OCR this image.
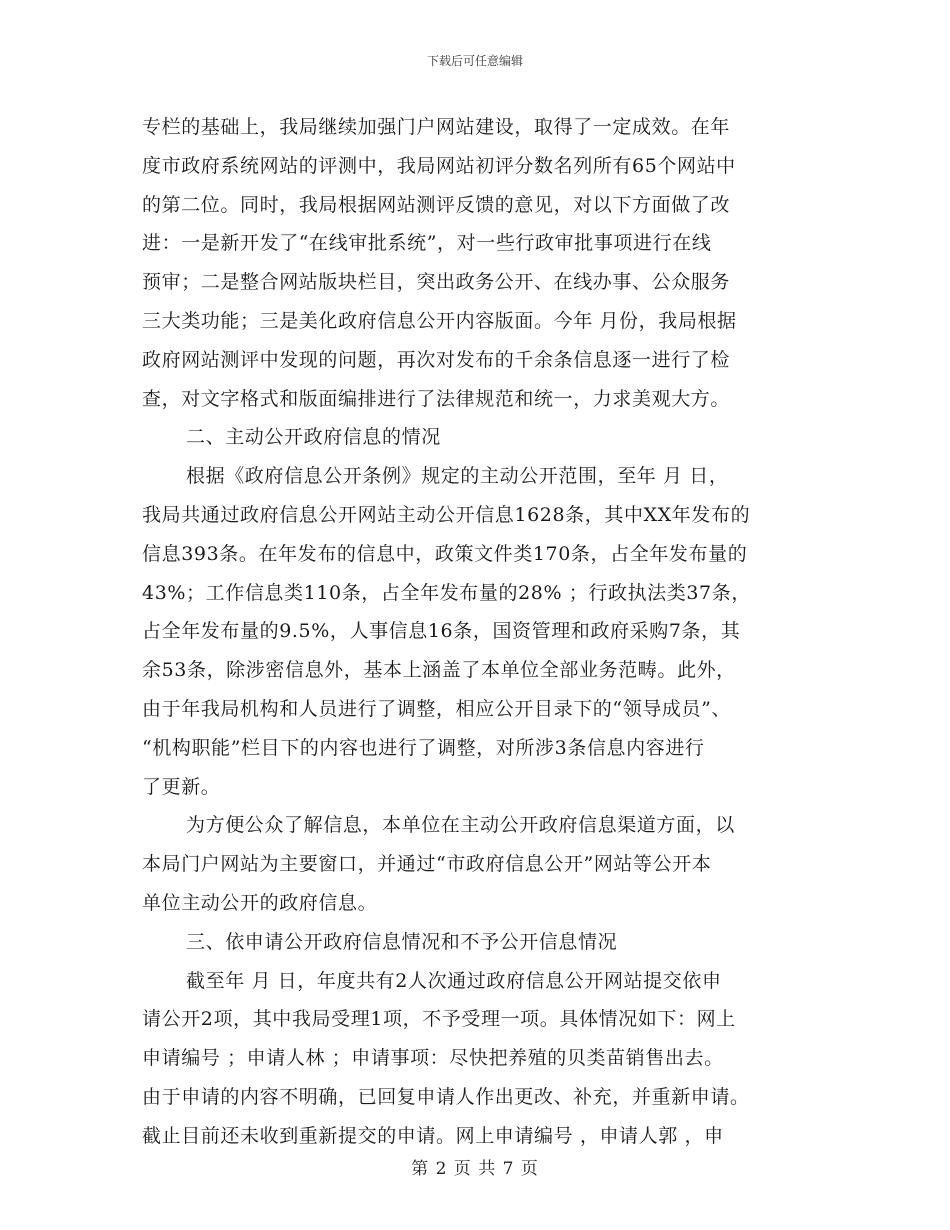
下载后可任意编辑
专栏的基础上，我局继续加强门户网站建设，取得了一定成效。在年
度市政府系统网站的评测中，我局网站初评分数名列所有65个网站中
的第二位。同时，我局根据网站测评反馈的意见，对以下方面做了改
进：一是新开发了“在线审批系统”，对一些行政审批事项进行在线
预审；二是整合网站版块栏目，突出政务公开、在线办事、公众服务
三大类功能；三是美化政府信息公开内容版面。今年 月份，我局根据
政府网站测评中发现的问题，再次对发布的千余条信息逐一进行了检
查，对文字格式和版面编排进行了法律规范和统一，力求美观大方。
二、主动公开政府信息的情况
根据《政府信息公开条例》规定的主动公开范围，至年 月 日，
我局共通过政府信息公开网站主动公开信息1628条，其中XX年发布的
信息393条。在年发布的信息中，政策文件类170条，占全年发布量的
43%；工作信息类110条，占全年发布量的28% ；行政执法类37条，
占全年发布量的9.5%，人事信息16条，国资管理和政府采购7条，其
余53条，除涉密信息外，基本上涵盖了本单位全部业务范畴。此外，
由于年我局机构和人员进行了调整，相应公开目录下的“领导成员”、
“机构职能”栏目下的内容也进行了调整，对所涉3条信息内容进行
了更新。
为方便公众了解信息，本单位在主动公开政府信息渠道方面，以
本局门户网站为主要窗口，并通过“市政府信息公开”网站等公开本
单位主动公开的政府信息。
三、依申请公开政府信息情况和不予公开信息情况
截至年 月 日，年度共有2人次通过政府信息公开网站提交依申
请公开2项，其中我局受理1项，不予受理一项。具体情况如下：网上
申请编号 ；申请人林 ；申请事项：尽快把养殖的贝类苗销售出去。
由于申请的内容不明确，已回复申请人作出更改、补充，并重新申请。
截止目前还未收到重新提交的申请。网上申请编号 ，申请人郭 ，申
第 2 页 共 7 页
